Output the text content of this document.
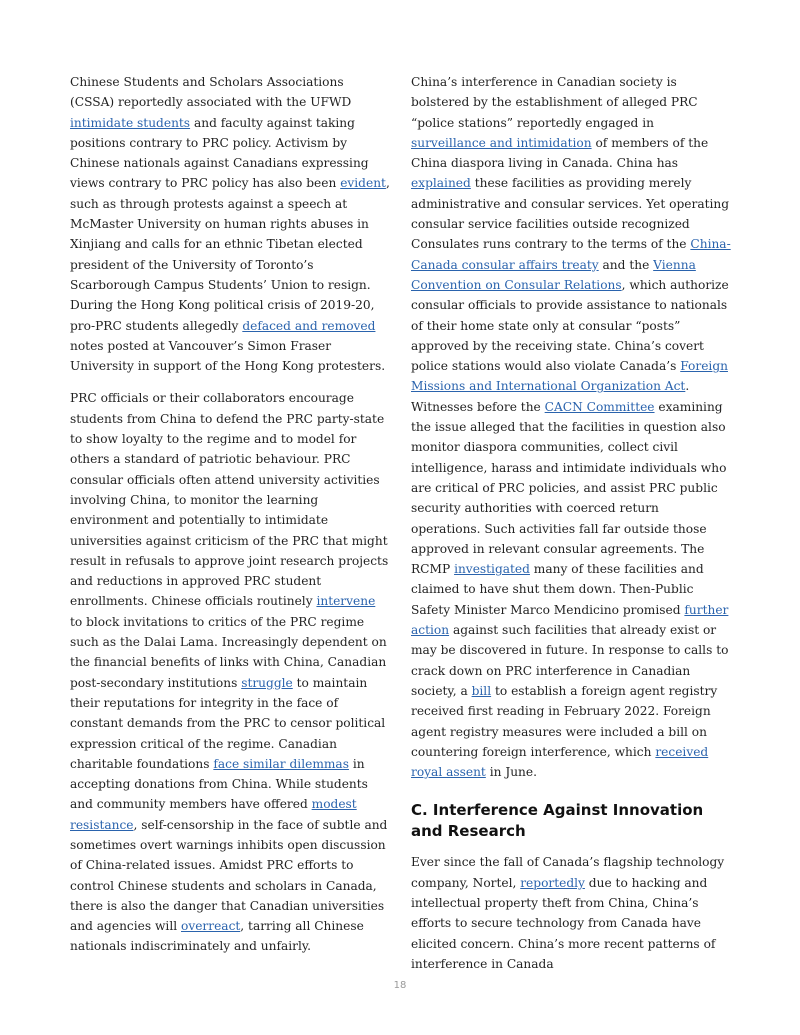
Chinese Students and Scholars Associations (CSSA) reportedly associated with the UFWD intimidate students and faculty against taking positions contrary to PRC policy. Activism by Chinese nationals against Canadians expressing views contrary to PRC policy has also been evident, such as through protests against a speech at McMaster University on human rights abuses in Xinjiang and calls for an ethnic Tibetan elected president of the University of Toronto’s Scarborough Campus Students’ Union to resign. During the Hong Kong political crisis of 2019-20, pro-PRC students allegedly defaced and removed notes posted at Vancouver’s Simon Fraser University in support of the Hong Kong protesters.

PRC officials or their collaborators encourage students from China to defend the PRC party-state to show loyalty to the regime and to model for others a standard of patriotic behaviour. PRC consular officials often attend university activities involving China, to monitor the learning environment and potentially to intimidate universities against criticism of the PRC that might result in refusals to approve joint research projects and reductions in approved PRC student enrollments. Chinese officials routinely intervene to block invitations to critics of the PRC regime such as the Dalai Lama. Increasingly dependent on the financial benefits of links with China, Canadian post-secondary institutions struggle to maintain their reputations for integrity in the face of constant demands from the PRC to censor political expression critical of the regime. Canadian charitable foundations face similar dilemmas in accepting donations from China. While students and community members have offered modest resistance, self-censorship in the face of subtle and sometimes overt warnings inhibits open discussion of China-related issues. Amidst PRC efforts to control Chinese students and scholars in Canada, there is also the danger that Canadian universities and agencies will overreact, tarring all Chinese nationals indiscriminately and unfairly.

China’s interference in Canadian society is bolstered by the establishment of alleged PRC “police stations” reportedly engaged in surveillance and intimidation of members of the China diaspora living in Canada. China has explained these facilities as providing merely administrative and consular services. Yet operating consular service facilities outside recognized Consulates runs contrary to the terms of the China-Canada consular affairs treaty and the Vienna Convention on Consular Relations, which authorize consular officials to provide assistance to nationals of their home state only at consular “posts” approved by the receiving state. China’s covert police stations would also violate Canada’s Foreign Missions and International Organization Act. Witnesses before the CACN Committee examining the issue alleged that the facilities in question also monitor diaspora communities, collect civil intelligence, harass and intimidate individuals who are critical of PRC policies, and assist PRC public security authorities with coerced return operations. Such activities fall far outside those approved in relevant consular agreements. The RCMP investigated many of these facilities and claimed to have shut them down. Then-Public Safety Minister Marco Mendicino promised further action against such facilities that already exist or may be discovered in future. In response to calls to crack down on PRC interference in Canadian society, a bill to establish a foreign agent registry received first reading in February 2022. Foreign agent registry measures were included a bill on countering foreign interference, which received royal assent in June.

C. Interference Against Innovation and Research

Ever since the fall of Canada’s flagship technology company, Nortel, reportedly due to hacking and intellectual property theft from China, China’s efforts to secure technology from Canada have elicited concern. China’s more recent patterns of interference in Canada

18
